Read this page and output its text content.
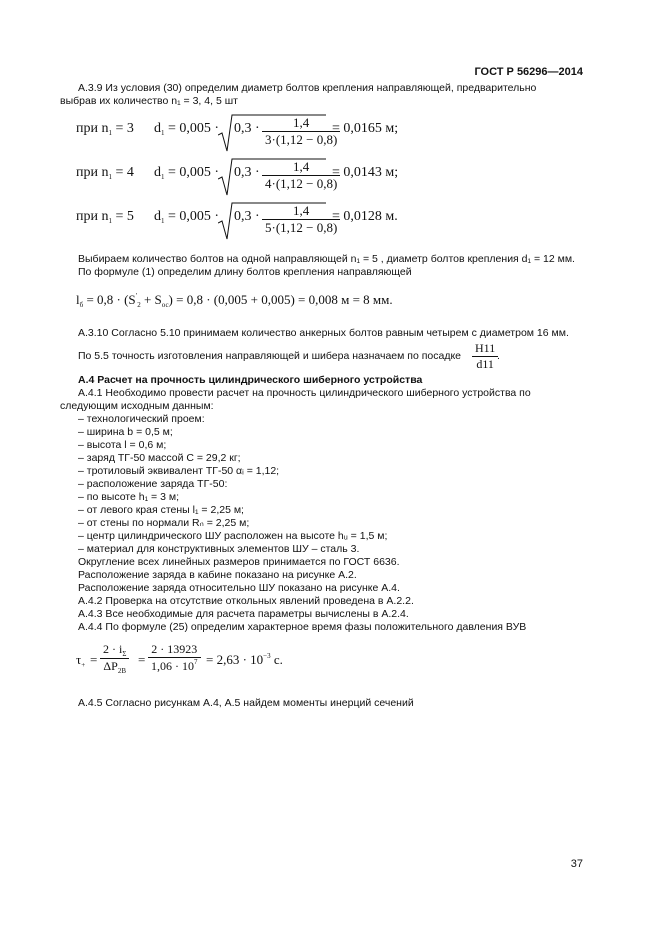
ГОСТ Р 56296—2014
А.3.9 Из условия (30) определим диаметр болтов крепления направляющей, предварительно
выбрав их количество n₁ = 3, 4, 5 шт
при $n_1 = 3$ $d_1 = 0,005 \cdot 0,3 \cdot \frac{1,4}{3\cdot(1,12 - 0,8)}$
= 0,0165 м;
при $n_1 = 4$ $d_1 = 0,005 \cdot 0,3 \cdot \frac{1,4}{4\cdot(1,12 - 0,8)}$
= 0,0143 м;
при $n_1 = 5$ $d_1 = 0,005 \cdot 0,3 \cdot \frac{1,4}{5\cdot(1,12 - 0,8)}$
= 0,0128 м.
Выбираем количество болтов на одной направляющей n₁ = 5 , диаметр болтов крепления d₁ = 12 мм.
По формуле (1) определим длину болтов крепления направляющей
$l_б = 0,8 \cdot (S'_2 + S_{ос}) = 0,8 \cdot (0,005 + 0,005) = 0,008$ м = 8 мм.
А.3.10 Согласно 5.10 принимаем количество анкерных болтов равным четырем с диаметром 16 мм.
По 5.5 точность изготовления направляющей и шибера назначаем по посадке $\frac{H11}{d11}$
.
А.4 Расчет на прочность цилиндрического шиберного устройства
А.4.1 Необходимо провести расчет на прочность цилиндрического шиберного устройства по
следующим исходным данным:
– технологический проем:
– ширина b = 0,5 м;
– высота l = 0,6 м;
– заряд ТГ-50 массой С = 29,2 кг;
– тротиловый эквивалент ТГ-50 αᵢ = 1,12;
– расположение заряда ТГ-50:
– по высоте h₁ = 3 м;
– от левого края стены l₁ = 2,25 м;
– от стены по нормали Rₙ = 2,25 м;
– центр цилиндрического ШУ расположен на высоте hᵤ = 1,5 м;
– материал для конструктивных элементов ШУ – сталь 3.
Округление всех линейных размеров принимается по ГОСТ 6636.
Расположение заряда в кабине показано на рисунке А.2.
Расположение заряда относительно ШУ показано на рисунке А.4.
А.4.2 Проверка на отсутствие откольных явлений проведена в А.2.2.
А.4.3 Все необходимые для расчета параметры вычислены в А.2.4.
А.4.4 По формуле (25) определим характерное время фазы положительного давления ВУВ
$\tau_+ = \frac{2 \cdot i_\Sigma}{\Delta P_{2B}} = \frac{2 \cdot 13923}{1,06 \cdot 10^7} = 2,63 \cdot 10^{-3}$ с.
А.4.5 Согласно рисункам А.4, А.5 найдем моменты инерций сечений
37
